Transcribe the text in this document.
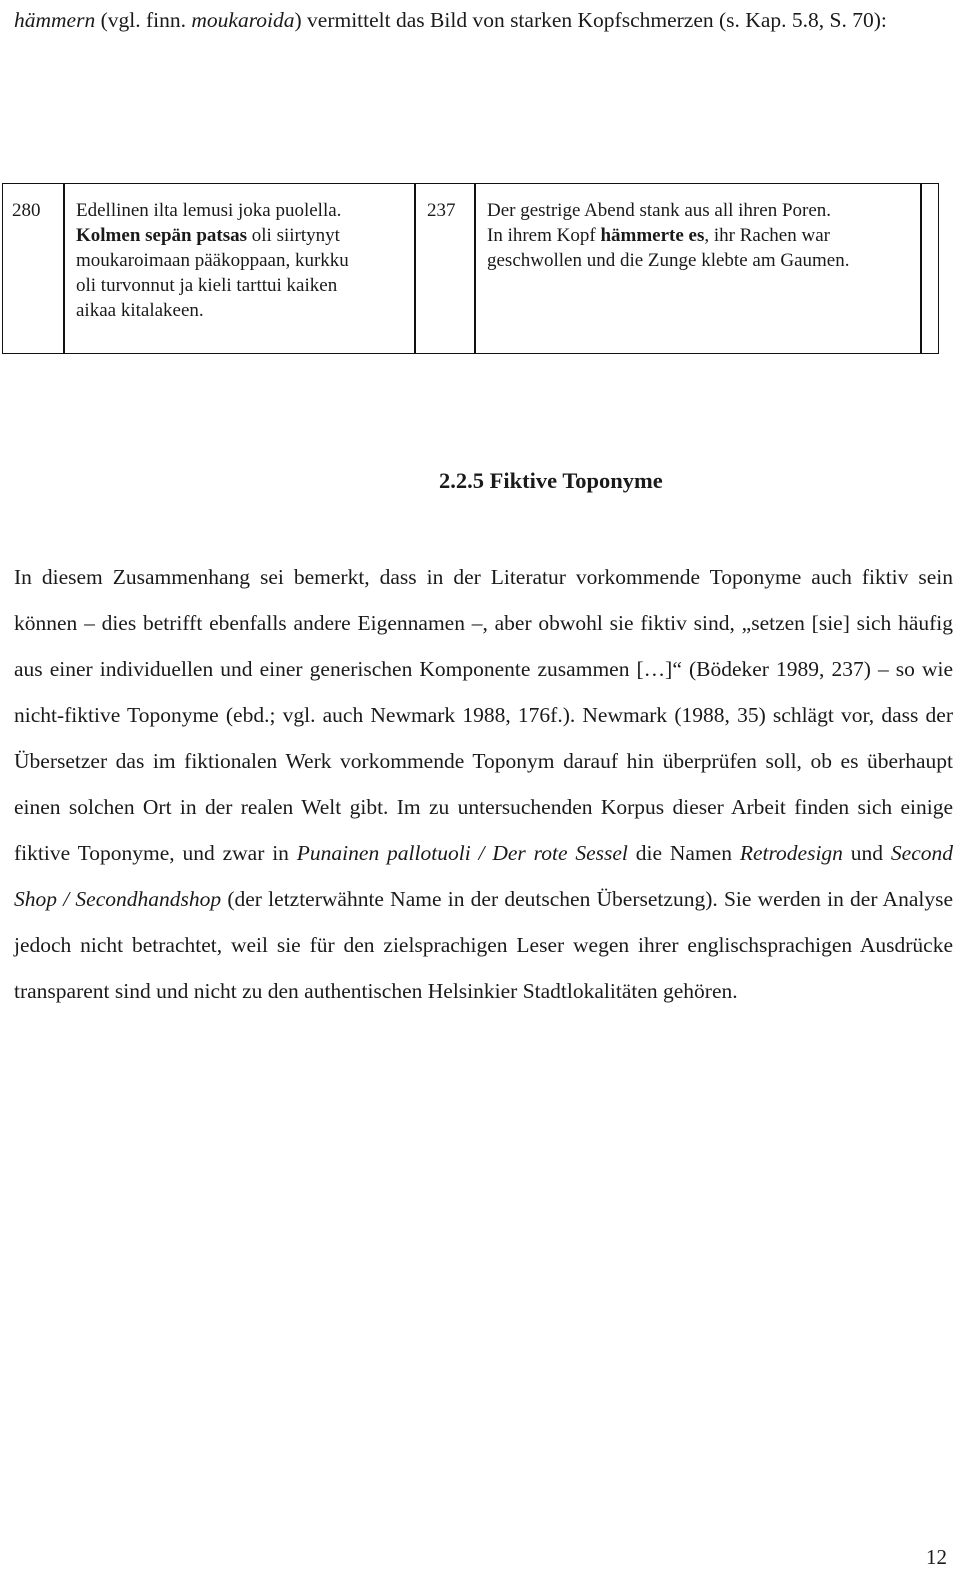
hämmern (vgl. finn. moukaroida) vermittelt das Bild von starken Kopfschmerzen (s. Kap. 5.8, S. 70):
280 Edellinen ilta lemusi joka puolella.
Kolmen sepän patsas oli siirtynyt
moukaroimaan pääkoppaan, kurkku
oli turvonnut ja kieli tarttui kaiken
aikaa kitalakeen.
237 Der gestrige Abend stank aus all ihren Poren.
In ihrem Kopf hämmerte es, ihr Rachen war
geschwollen und die Zunge klebte am Gaumen.
2.2.5 Fiktive Toponyme
In diesem Zusammenhang sei bemerkt, dass in der Literatur vorkommende Toponyme auch fiktiv sein können – dies betrifft ebenfalls andere Eigennamen –, aber obwohl sie fiktiv sind, „setzen [sie] sich häufig aus einer individuellen und einer generischen Komponente zusammen […]“ (Bödeker 1989, 237) – so wie nicht-fiktive Toponyme (ebd.; vgl. auch Newmark 1988, 176f.). Newmark (1988, 35) schlägt vor, dass der Übersetzer das im fiktionalen Werk vorkommende Toponym darauf hin überprüfen soll, ob es überhaupt einen solchen Ort in der realen Welt gibt. Im zu untersuchenden Korpus dieser Arbeit finden sich einige fiktive Toponyme, und zwar in Punainen pallotuoli / Der rote Sessel die Namen Retrodesign und Second Shop / Secondhandshop (der letzterwähnte Name in der deutschen Übersetzung). Sie werden in der Analyse jedoch nicht betrachtet, weil sie für den zielsprachigen Leser wegen ihrer englischsprachigen Ausdrücke transparent sind und nicht zu den authentischen Helsinkier Stadtlokalitäten gehören.
12
